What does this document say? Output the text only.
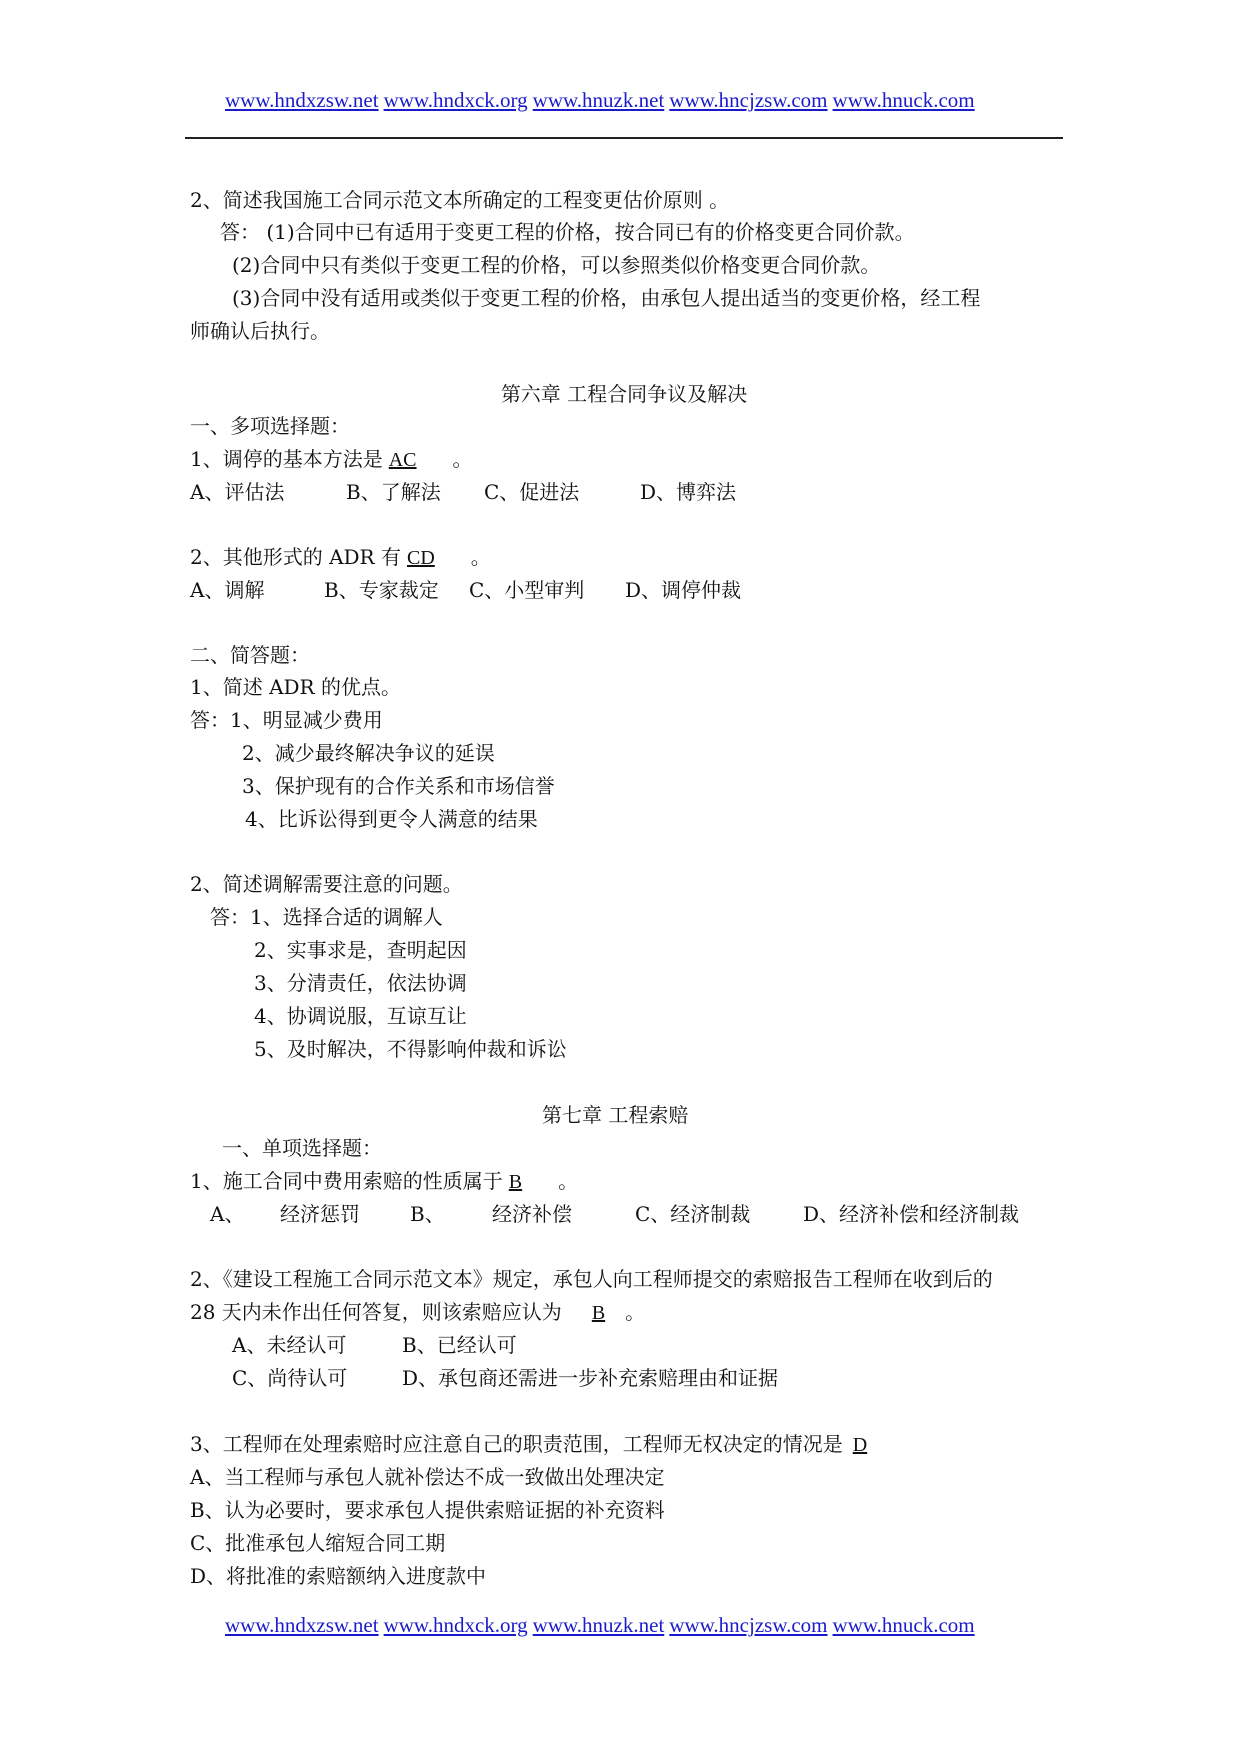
www.hndxzsw.net www.hndxck.org www.hnuzk.net www.hncjzsw.com www.hnuck.com
2、简述我国施工合同示范文本所确定的工程变更估价原则 。
答： (1)合同中已有适用于变更工程的价格，按合同已有的价格变更合同价款。
(2)合同中只有类似于变更工程的价格，可以参照类似价格变更合同价款。
(3)合同中没有适用或类似于变更工程的价格，由承包人提出适当的变更价格，经工程
师确认后执行。
第六章 工程合同争议及解决
一、多项选择题：
1、调停的基本方法是 AC 。
A、评估法	B、了解法 C、促进法	D、博弈法
2、其他形式的 ADR 有 CD 。
A、调解	B、专家裁定 C、小型审判 D、调停仲裁
二、简答题：
1、简述 ADR 的优点。
答：1、明显减少费用
2、减少最终解决争议的延误
3、保护现有的合作关系和市场信誉
4、比诉讼得到更令人满意的结果
2、简述调解需要注意的问题。
答：1、选择合适的调解人
2、实事求是，查明起因
3、分清责任，依法协调
4、协调说服，互谅互让
5、及时解决，不得影响仲裁和诉讼
第七章 工程索赔
一、单项选择题：
1、施工合同中费用索赔的性质属于 B 。
A、 经济惩罚	B、 经济补偿	C、经济制裁	D、经济补偿和经济制裁
2、《建设工程施工合同示范文本》规定，承包人向工程师提交的索赔报告工程师在收到后的
28 天内未作出任何答复，则该索赔应认为 B 。
A、未经认可	B、已经认可
C、尚待认可	D、承包商还需进一步补充索赔理由和证据
3、工程师在处理索赔时应注意自己的职责范围，工程师无权决定的情况是 D
A、当工程师与承包人就补偿达不成一致做出处理决定
B、认为必要时，要求承包人提供索赔证据的补充资料
C、批准承包人缩短合同工期
D、将批准的索赔额纳入进度款中
www.hndxzsw.net www.hndxck.org www.hnuzk.net www.hncjzsw.com www.hnuck.com
